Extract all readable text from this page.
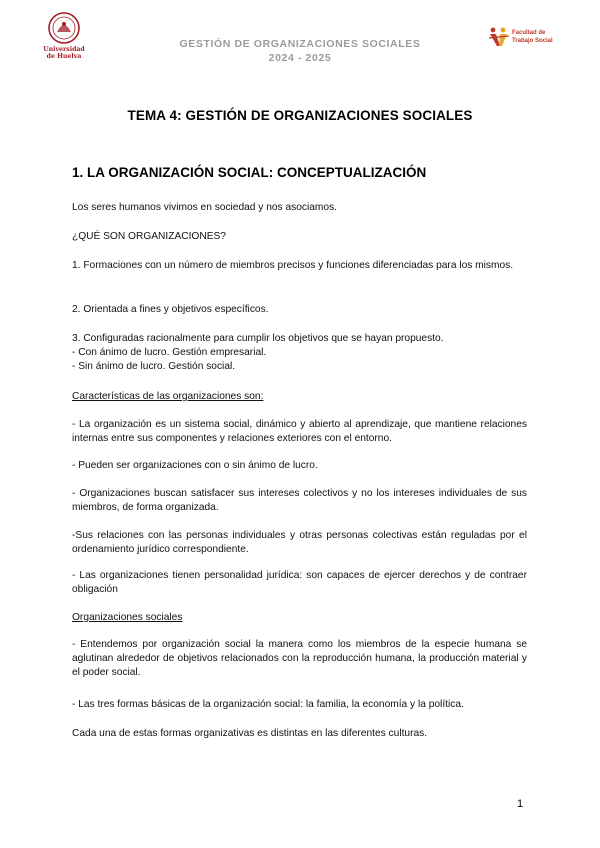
Universidad
de Huelva
GESTIÓN DE ORGANIZACIONES SOCIALES
2024 - 2025
Facultad de
Trabajo Social
TEMA 4: GESTIÓN DE ORGANIZACIONES SOCIALES
1. LA ORGANIZACIÓN SOCIAL: CONCEPTUALIZACIÓN
Los seres humanos vivimos en sociedad y nos asociamos.
¿QUÉ SON ORGANIZACIONES?
1. Formaciones con un número de miembros precisos y funciones diferenciadas para los mismos.
2. Orientada a fines y objetivos específicos.
3. Configuradas racionalmente para cumplir los objetivos que se hayan propuesto.
- Con ánimo de lucro. Gestión empresarial.
- Sin ánimo de lucro. Gestión social.
Características de las organizaciones son:
- La organización es un sistema social, dinámico y abierto al aprendizaje, que mantiene relaciones internas entre sus componentes y relaciones exteriores con el entorno.
- Pueden ser organizaciones con o sin ánimo de lucro.
- Organizaciones buscan satisfacer sus intereses colectivos y no los intereses individuales de sus miembros, de forma organizada.
-Sus relaciones con las personas individuales y otras personas colectivas están reguladas por el ordenamiento jurídico correspondiente.
- Las organizaciones tienen personalidad jurídica: son capaces de ejercer derechos y de contraer obligación
Organizaciones sociales
- Entendemos por organización social la manera como los miembros de la especie humana se aglutinan alrededor de objetivos relacionados con la reproducción humana, la producción material y el poder social.
- Las tres formas básicas de la organización social: la familia, la economía y la política.
Cada una de estas formas organizativas es distintas en las diferentes culturas.
1
